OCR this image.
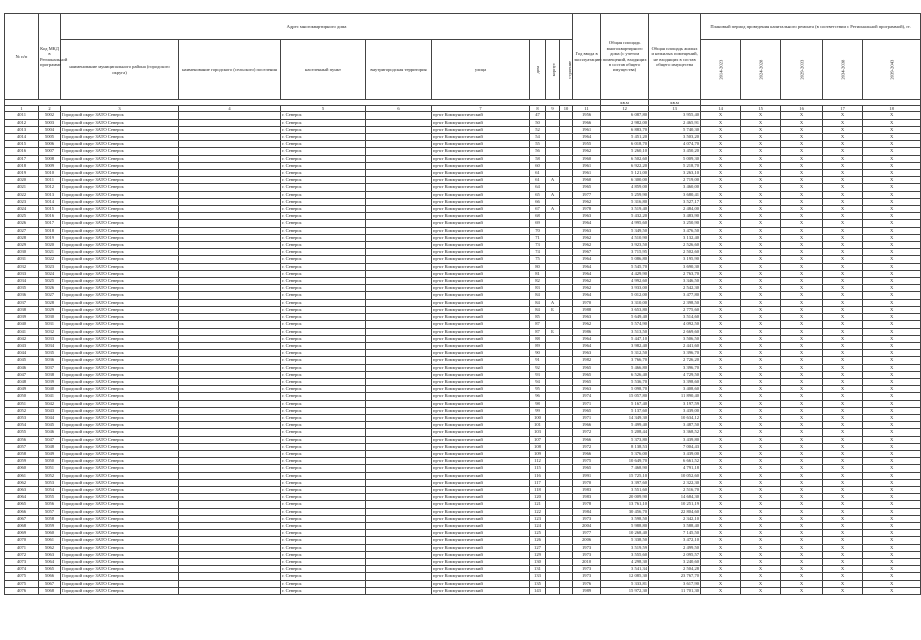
№ п/п	Код МКД в Региональной программе	Адрес многоквартирного дома								Год ввода в эксплуатацию	Общая площадь многоквартирного дома (с учетом помещений, входящих в состав общего имущества)	Общая площадь жилых и нежилых помещений, не входящих в состав общего имущества	Плановый период проведения капитального ремонта (в соответствии с Региональной программой), гг.				
		наименование муниципального района (городского округа)	наименование городского (сельского) поселения	населенный пункт	внутригородская территория	улица	дом	корпус	строение				2014-2023	2024-2028	2029-2033	2034-2038	2039-2043
											кв.м	кв.м					
1	2	3	4	5	6	7	8	9	10	11	12	13	14	15	16	17	18
4011	5002	Городской округ ЗАТО Северск		г. Северск		пр-кт Коммунистический	47			1956	6 087,80	3 955,40	X	X	X	X	X
4012	5003	Городской округ ЗАТО Северск		г. Северск		пр-кт Коммунистический	50			1966	2 982,00	2 465,91	X	X	X	X	X
4013	5004	Городской округ ЗАТО Северск		г. Северск		пр-кт Коммунистический	52			1961	6 883,70	5 740,30	X	X	X	X	X
4014	5005	Городской округ ЗАТО Северск		г. Северск		пр-кт Коммунистический	54			1964	5 451,20	3 503,20	X	X	X	X	X
4015	5006	Городской округ ЗАТО Северск		г. Северск		пр-кт Коммунистический	55			1955	6 018,70	4 074,70	X	X	X	X	X
4016	5007	Городской округ ЗАТО Северск		г. Северск		пр-кт Коммунистический	56			1962	5 260,10	3 450,20	X	X	X	X	X
4017	5008	Городской округ ЗАТО Северск		г. Северск		пр-кт Коммунистический	58			1960	6 502,60	5 009,30	X	X	X	X	X
4018	5009	Городской округ ЗАТО Северск		г. Северск		пр-кт Коммунистический	60			1961	6 922,20	5 218,70	X	X	X	X	X
4019	5010	Городской округ ЗАТО Северск		г. Северск		пр-кт Коммунистический	61			1961	5 121,00	3 263,10	X	X	X	X	X
4020	5011	Городской округ ЗАТО Северск		г. Северск		пр-кт Коммунистический	61	А		1960	6 300,00	2 719,00	X	X	X	X	X
4021	5012	Городской округ ЗАТО Северск		г. Северск		пр-кт Коммунистический	64			1965	4 859,00	3 460,00	X	X	X	X	X
4022	5013	Городской округ ЗАТО Северск		г. Северск		пр-кт Коммунистический	65	А		1977	5 259,90	3 680,41	X	X	X	X	X
4023	5014	Городской округ ЗАТО Северск		г. Северск		пр-кт Коммунистический	66			1962	5 316,80	3 527,17	X	X	X	X	X
4024	5015	Городской округ ЗАТО Северск		г. Северск		пр-кт Коммунистический	67	А		1978	3 519,40	2 484,00	X	X	X	X	X
4025	5016	Городской округ ЗАТО Северск		г. Северск		пр-кт Коммунистический	68			1963	5 432,20	3 483,90	X	X	X	X	X
4026	5017	Городской округ ЗАТО Северск		г. Северск		пр-кт Коммунистический	69			1964	4 995,60	3 250,90	X	X	X	X	X
4027	5018	Городской округ ЗАТО Северск		г. Северск		пр-кт Коммунистический	70			1963	5 349,50	3 476,50	X	X	X	X	X
4028	5019	Городской округ ЗАТО Северск		г. Северск		пр-кт Коммунистический	71			1962	4 510,90	3 132,40	X	X	X	X	X
4029	5020	Городской округ ЗАТО Северск		г. Северск		пр-кт Коммунистический	73			1962	3 923,50	2 526,60	X	X	X	X	X
4030	5021	Городской округ ЗАТО Северск		г. Северск		пр-кт Коммунистический	74			1967	3 715,95	2 502,60	X	X	X	X	X
4031	5022	Городской округ ЗАТО Северск		г. Северск		пр-кт Коммунистический	75			1964	5 086,80	3 195,90	X	X	X	X	X
4032	5023	Городской округ ЗАТО Северск		г. Северск		пр-кт Коммунистический	80			1964	5 545,70	3 690,30	X	X	X	X	X
4033	5024	Городской округ ЗАТО Северск		г. Северск		пр-кт Коммунистический	81			1964	4 429,90	2 763,70	X	X	X	X	X
4034	5025	Городской округ ЗАТО Северск		г. Северск		пр-кт Коммунистический	82			1962	4 992,60	3 346,50	X	X	X	X	X
4035	5026	Городской округ ЗАТО Северск		г. Северск		пр-кт Коммунистический	83			1962	3 933,00	2 542,30	X	X	X	X	X
4036	5027	Городской округ ЗАТО Северск		г. Северск		пр-кт Коммунистический	84			1964	5 012,00	3 477,80	X	X	X	X	X
4037	5028	Городской округ ЗАТО Северск		г. Северск		пр-кт Коммунистический	84	А		1970	3 310,00	2 398,50	X	X	X	X	X
4038	5029	Городской округ ЗАТО Северск		г. Северск		пр-кт Коммунистический	84	Б		1988	3 653,80	2 775,60	X	X	X	X	X
4039	5030	Городской округ ЗАТО Северск		г. Северск		пр-кт Коммунистический	85			1963	5 649,40	3 514,60	X	X	X	X	X
4040	5031	Городской округ ЗАТО Северск		г. Северск		пр-кт Коммунистический	87			1962	5 574,90	4 092,50	X	X	X	X	X
4041	5032	Городской округ ЗАТО Северск		г. Северск		пр-кт Коммунистический	87	Б		1986	3 513,50	2 669,60	X	X	X	X	X
4042	5033	Городской округ ЗАТО Северск		г. Северск		пр-кт Коммунистический	88			1964	5 447,10	3 506,50	X	X	X	X	X
4043	5034	Городской округ ЗАТО Северск		г. Северск		пр-кт Коммунистический	89			1964	3 982,40	2 441,60	X	X	X	X	X
4044	5035	Городской округ ЗАТО Северск		г. Северск		пр-кт Коммунистический	90			1963	5 312,50	3 396,70	X	X	X	X	X
4045	5036	Городской округ ЗАТО Северск		г. Северск		пр-кт Коммунистический	91			1982	3 766,70	2 726,20	X	X	X	X	X
4046	5037	Городской округ ЗАТО Северск		г. Северск		пр-кт Коммунистический	92			1965	5 466,80	3 396,70	X	X	X	X	X
4047	5038	Городской округ ЗАТО Северск		г. Северск		пр-кт Коммунистический	93			1965	6 526,40	4 729,50	X	X	X	X	X
4048	5039	Городской округ ЗАТО Северск		г. Северск		пр-кт Коммунистический	94			1965	5 536,70	3 398,60	X	X	X	X	X
4049	5040	Городской округ ЗАТО Северск		г. Северск		пр-кт Коммунистический	95			1963	5 098,70	3 408,60	X	X	X	X	X
4050	5041	Городской округ ЗАТО Северск		г. Северск		пр-кт Коммунистический	96			1974	15 057,80	11 890,40	X	X	X	X	X
4051	5042	Городской округ ЗАТО Северск		г. Северск		пр-кт Коммунистический	98			1971	5 167,40	3 197,59	X	X	X	X	X
4052	5043	Городской округ ЗАТО Северск		г. Северск		пр-кт Коммунистический	99			1965	5 137,60	3 439,00	X	X	X	X	X
4053	5044	Городской округ ЗАТО Северск		г. Северск		пр-кт Коммунистический	100			1971	14 349,30	10 634,12	X	X	X	X	X
4054	5045	Городской округ ЗАТО Северск		г. Северск		пр-кт Коммунистический	101			1966	5 499,40	3 487,50	X	X	X	X	X
4055	5046	Городской округ ЗАТО Северск		г. Северск		пр-кт Коммунистический	103			1972	5 208,44	3 368,52	X	X	X	X	X
4056	5047	Городской округ ЗАТО Северск		г. Северск		пр-кт Коммунистический	107			1966	5 373,80	3 439,80	X	X	X	X	X
4057	5048	Городской округ ЗАТО Северск		г. Северск		пр-кт Коммунистический	108			1972	8 138,53	7 004,43	X	X	X	X	X
4058	5049	Городской округ ЗАТО Северск		г. Северск		пр-кт Коммунистический	109			1966	5 376,00	3 439,00	X	X	X	X	X
4059	5050	Городской округ ЗАТО Северск		г. Северск		пр-кт Коммунистический	112			1975	10 649,70	6 661,52	X	X	X	X	X
4060	5051	Городской округ ЗАТО Северск		г. Северск		пр-кт Коммунистический	115			1965	7 468,90	4 791,18	X	X	X	X	X
4061	5052	Городской округ ЗАТО Северск		г. Северск		пр-кт Коммунистический	116			1991	15 725,10	10 052,60	X	X	X	X	X
4062	5053	Городской округ ЗАТО Северск		г. Северск		пр-кт Коммунистический	117			1970	3 397,60	2 322,30	X	X	X	X	X
4063	5054	Городской округ ЗАТО Северск		г. Северск		пр-кт Коммунистический	118			1983	3 551,60	2 516,70	X	X	X	X	X
4064	5055	Городской округ ЗАТО Северск		г. Северск		пр-кт Коммунистический	120			1983	20 009,90	14 684,30	X	X	X	X	X
4065	5056	Городской округ ЗАТО Северск		г. Северск		пр-кт Коммунистический	121			1978	13 761,10	10 251,19	X	X	X	X	X
4066	5057	Городской округ ЗАТО Северск		г. Северск		пр-кт Коммунистический	122			1984	30 456,70	22 804,60	X	X	X	X	X
4067	5058	Городской округ ЗАТО Северск		г. Северск		пр-кт Коммунистический	123			1973	3 598,50	2 342,10	X	X	X	X	X
4068	5059	Городской округ ЗАТО Северск		г. Северск		пр-кт Коммунистический	124			2004	5 988,80	3 588,40	X	X	X	X	X
4069	5060	Городской округ ЗАТО Северск		г. Северск		пр-кт Коммунистический	125			1977	10 268,40	7 145,50	X	X	X	X	X
4070	5061	Городской округ ЗАТО Северск		г. Северск		пр-кт Коммунистический	126			2006	5 338,50	3 472,10	X	X	X	X	X
4071	5062	Городской округ ЗАТО Северск		г. Северск		пр-кт Коммунистический	127			1973	3 519,59	2 499,50	X	X	X	X	X
4072	5063	Городской округ ЗАТО Северск		г. Северск		пр-кт Коммунистический	129			1973	3 555,60	2 095,57	X	X	X	X	X
4073	5064	Городской округ ЗАТО Северск		г. Северск		пр-кт Коммунистический	130			2010	4 298,30	3 240,60	X	X	X	X	X
4074	5065	Городской округ ЗАТО Северск		г. Северск		пр-кт Коммунистический	131			1973	3 541,34	2 504,28	X	X	X	X	X
4075	5066	Городской округ ЗАТО Северск		г. Северск		пр-кт Коммунистический	133			1973	12 085,30	23 767,70	X	X	X	X	X
4075	5067	Городской округ ЗАТО Северск		г. Северск		пр-кт Коммунистический	135			1976	5 333,81	3 617,90	X	X	X	X	X
4076	5068	Городской округ ЗАТО Северск		г. Северск		пр-кт Коммунистический	143			1989	15 972,30	11 701,30	X	X	X	X	X
